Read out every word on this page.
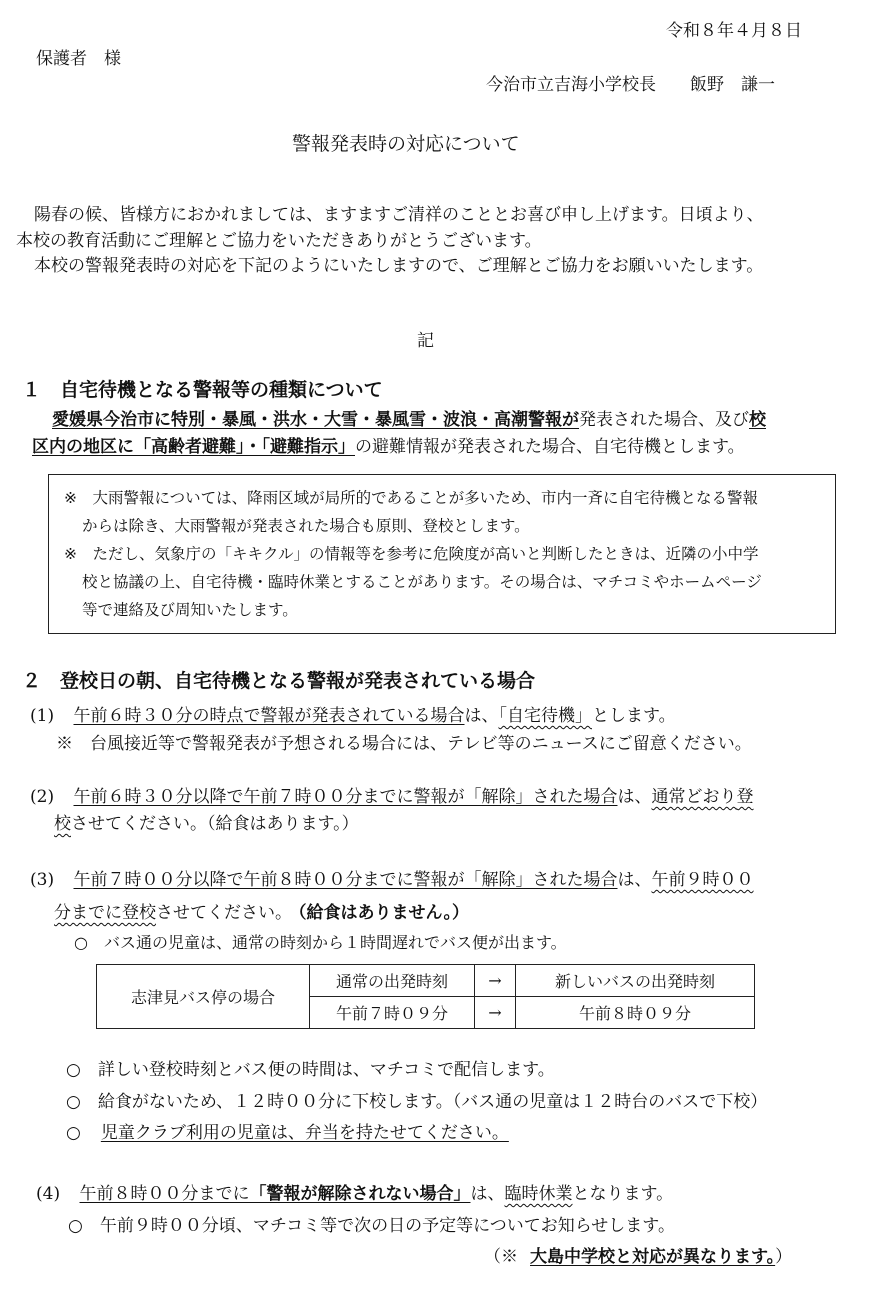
令和８年４月８日
保護者　様
今治市立吉海小学校長　　飯野　謙一
警報発表時の対応について
陽春の候、皆様方におかれましては、ますますご清祥のこととお喜び申し上げます。日頃より、
本校の教育活動にご理解とご協力をいただきありがとうございます。
本校の警報発表時の対応を下記のようにいたしますので、ご理解とご協力をお願いいたします。
記
１　自宅待機となる警報等の種類について
愛媛県今治市に特別・暴風・洪水・大雪・暴風雪・波浪・高潮警報が発表された場合、及び校
区内の地区に「高齢者避難」・「避難指示」の避難情報が発表された場合、自宅待機とします。
※　大雨警報については、降雨区域が局所的であることが多いため、市内一斉に自宅待機となる警報
からは除き、大雨警報が発表された場合も原則、登校とします。
※　ただし、気象庁の「キキクル」の情報等を参考に危険度が高いと判断したときは、近隣の小中学
校と協議の上、自宅待機・臨時休業とすることがあります。その場合は、マチコミやホームページ
等で連絡及び周知いたします。
２　登校日の朝、自宅待機となる警報が発表されている場合
(1) 午前６時３０分の時点で警報が発表されている場合は、「自宅待機」とします。
※　台風接近等で警報発表が予想される場合には、テレビ等のニュースにご留意ください。
(2) 午前６時３０分以降で午前７時００分までに警報が「解除」された場合は、通常どおり登
校させてください。（給食はあります。）
(3) 午前７時００分以降で午前８時００分までに警報が「解除」された場合は、午前９時００
分までに登校させてください。 （給食はありません。）
○　バス通の児童は、通常の時刻から１時間遅れでバス便が出ます。
志津見バス停の場合	通常の出発時刻	→	新しいバスの出発時刻
	午前７時０９分	→	午前８時０９分
○　詳しい登校時刻とバス便の時間は、マチコミで配信します。
○　給食がないため、１２時００分に下校します。（バス通の児童は１２時台のバスで下校）
○ 児童クラブ利用の児童は、弁当を持たせてください。
(4) 午前８時００分までに「警報が解除されない場合」は、臨時休業となります。
○　午前９時００分頃、マチコミ等で次の日の予定等についてお知らせします。
（※ 大島中学校と対応が異なります。）
